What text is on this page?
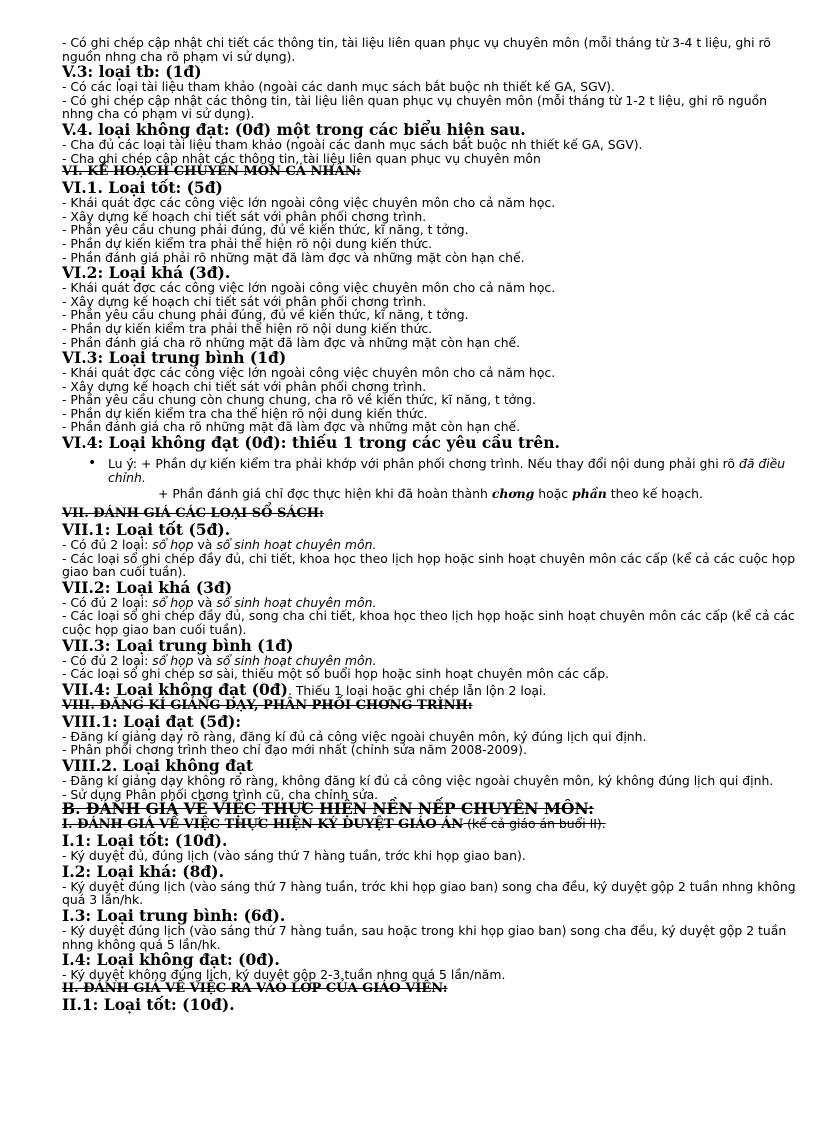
- Có ghi chép cập nhật chi tiết các thông tin, tài liệu liên quan phục vụ chuyên môn (mỗi tháng từ 3-4 t liệu, ghi rõ nguồn nhng cha rõ phạm vi sử dụng).

V.3: loại tb: (1đ)

- Có các loại tài liệu tham khảo (ngoài các danh mục sách bắt buộc nh thiết kế GA, SGV).

- Có ghi chép cập nhật các thông tin, tài liệu liên quan phục vụ chuyên môn (mỗi tháng từ 1-2 t liệu, ghi rõ nguồn nhng cha có phạm vi sử dụng).

V.4. loại không đạt: (0đ) một trong các biểu hiện sau.

- Cha đủ các loại tài liệu tham khảo (ngoài các danh mục sách bắt buộc nh thiết kế GA, SGV).

- Cha ghi chép cập nhật các thông tin, tài liệu liên quan phục vụ chuyên môn

VI. KẾ HOẠCH CHUYÊN MÔN CÁ NHÂN:

VI.1. Loại tốt: (5đ)

- Khái quát đợc các công việc lớn ngoài công việc chuyên môn cho cả năm học.

- Xây dựng kế hoạch chi tiết sát với phân phối chơng trình.

- Phần yêu cầu chung phải đúng, đủ về kiến thức, kĩ năng, t tởng.

- Phần dự kiến kiểm tra phải thể hiện rõ nội dung kiến thức.

- Phần đánh giá phải rõ những mặt đã làm đợc và những mặt còn hạn chế.

VI.2: Loại khá (3đ).

- Khái quát đợc các công việc lớn ngoài công việc chuyên môn cho cả năm học.

- Xây dựng kế hoạch chi tiết sát với phân phối chơng trình.

- Phần yêu cầu chung phải đúng, đủ về kiến thức, kĩ năng, t tởng.

- Phần dự kiến kiểm tra phải thể hiện rõ nội dung kiến thức.

- Phần đánh giá cha rõ những mặt đã làm đợc và những mặt còn hạn chế.

VI.3: Loại trung bình (1đ)

- Khái quát đợc các công việc lớn ngoài công việc chuyên môn cho cả năm học.

- Xây dựng kế hoạch chi tiết sát với phân phối chơng trình.

- Phần yêu cầu chung còn chung chung, cha rõ về kiến thức, kĩ năng, t tởng.

- Phần dự kiến kiểm tra cha thể hiện rõ nội dung kiến thức.

- Phần đánh giá cha rõ những mặt đã làm đợc và những mặt còn hạn chế.

VI.4: Loại không đạt (0đ): thiếu 1 trong các yêu cầu trên.

• Lu ý: + Phần dự kiến kiểm tra phải khớp với phân phối chơng trình. Nếu thay đổi nội dung phải ghi rõ đã điều chỉnh.
+ Phần đánh giá chỉ đợc thực hiện khi đã hoàn thành chơng hoặc phần theo kế hoạch.

VII. ĐÁNH GIÁ CÁC LOẠI SỔ SÁCH:

VII.1: Loại tốt (5đ).

- Có đủ 2 loại: sổ họp và sổ sinh hoạt chuyên môn.

- Các loại sổ ghi chép đầy đủ, chi tiết, khoa học theo lịch họp hoặc sinh hoạt chuyên môn các cấp (kể cả các cuộc họp giao ban cuối tuần).

VII.2: Loại khá (3đ)

- Có đủ 2 loại: sổ họp và sổ sinh hoạt chuyên môn.

- Các loại sổ ghi chép đầy đủ, song cha chi tiết, khoa học theo lịch họp hoặc sinh hoạt chuyên môn các cấp (kể cả các cuộc họp giao ban cuối tuần).

VII.3: Loại trung bình (1đ)

- Có đủ 2 loại: sổ họp và sổ sinh hoạt chuyên môn.

- Các loại sổ ghi chép sơ sài, thiếu một số buổi họp hoặc sinh hoạt chuyên môn các cấp.

VII.4: Loại không đạt (0đ). Thiếu 1 loại hoặc ghi chép lẫn lộn 2 loại.

VIII. ĐĂNG KÍ GIẢNG DẠY, PHÂN PHỐI CHƠNG TRÌNH:

VIII.1: Loại đạt (5đ):

- Đăng kí giảng dạy rõ ràng, đăng kí đủ cả công việc ngoài chuyên môn, ký đúng lịch qui định.

- Phân phối chơng trình theo chỉ đạo mới nhất (chỉnh sửa năm 2008-2009).

VIII.2. Loại không đạt

- Đăng kí giảng dạy không rõ ràng, không đăng kí đủ cả công việc ngoài chuyên môn, ký không đúng lịch qui định.

- Sử dụng Phân phối chơng trình cũ, cha chỉnh sửa.

B. ĐÁNH GIÁ VỀ VIỆC THỰC HIỆN NỀN NẾP CHUYÊN MÔN:

I. ĐÁNH GIÁ VỀ VIỆC THỰC HIỆN KÝ DUYỆT GIÁO ÁN (kể cả giáo án buổi II).

I.1: Loại tốt: (10đ).

- Ký duyệt đủ, đúng lịch (vào sáng thứ 7 hàng tuần, trớc khi họp giao ban).

I.2: Loại khá: (8đ).

- Ký duyệt đúng lịch (vào sáng thứ 7 hàng tuần, trớc khi họp giao ban) song cha đều, ký duyệt gộp 2 tuần nhng không quá 3 lần/hk.

I.3: Loại trung bình: (6đ).

- Ký duyệt đúng lịch (vào sáng thứ 7 hàng tuần, sau hoặc trong khi họp giao ban) song cha đều, ký duyệt gộp 2 tuần nhng không quá 5 lần/hk.

I.4: Loại không đạt: (0đ).

- Ký duyệt không đúng lịch, ký duyệt gộp 2-3 tuần nhng quá 5 lần/năm.

II. ĐÁNH GIÁ VỀ VIỆC RA VÀO LỚP CỦA GIÁO VIÊN:

II.1: Loại tốt: (10đ).
